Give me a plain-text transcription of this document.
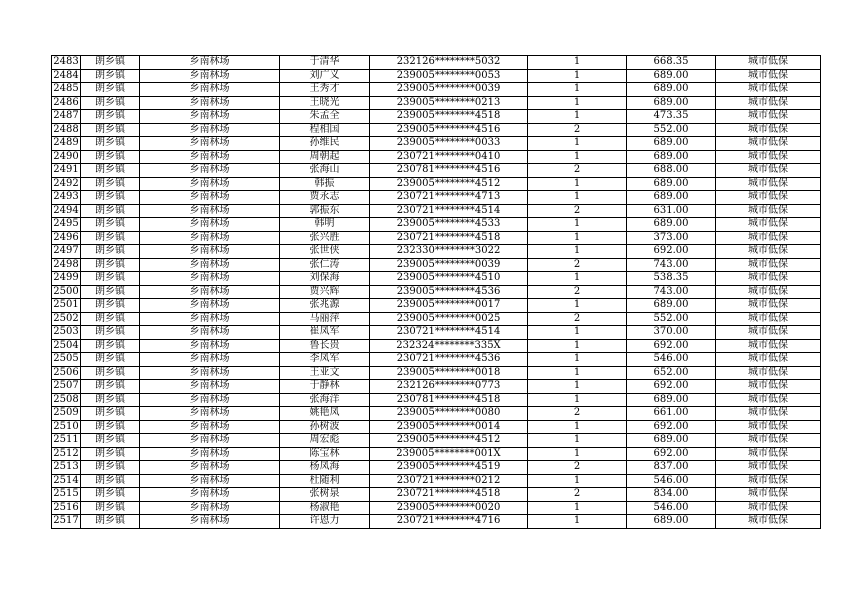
2483	朗乡镇	乡南林场	于清华	232126********5032	1	668.35	城市低保
2484	朗乡镇	乡南林场	刘广义	239005********0053	1	689.00	城市低保
2485	朗乡镇	乡南林场	王秀才	239005********0039	1	689.00	城市低保
2486	朗乡镇	乡南林场	王晓光	239005********0213	1	689.00	城市低保
2487	朗乡镇	乡南林场	朱孟全	239005********4518	1	473.35	城市低保
2488	朗乡镇	乡南林场	程相国	239005********4516	2	552.00	城市低保
2489	朗乡镇	乡南林场	孙维民	239005********0033	1	689.00	城市低保
2490	朗乡镇	乡南林场	周朝起	230721********0410	1	689.00	城市低保
2491	朗乡镇	乡南林场	张海山	230781********4516	2	688.00	城市低保
2492	朗乡镇	乡南林场	韩振	239005********4512	1	689.00	城市低保
2493	朗乡镇	乡南林场	贾永志	230721********4713	1	689.00	城市低保
2494	朗乡镇	乡南林场	郭振东	230721********4514	2	631.00	城市低保
2495	朗乡镇	乡南林场	韩明	239005********4533	1	689.00	城市低保
2496	朗乡镇	乡南林场	张兴胜	230721********4518	1	373.00	城市低保
2497	朗乡镇	乡南林场	张世侠	232330********3022	1	692.00	城市低保
2498	朗乡镇	乡南林场	张仁涛	239005********0039	2	743.00	城市低保
2499	朗乡镇	乡南林场	刘保海	239005********4510	1	538.35	城市低保
2500	朗乡镇	乡南林场	贾兴辉	239005********4536	2	743.00	城市低保
2501	朗乡镇	乡南林场	张兆源	239005********0017	1	689.00	城市低保
2502	朗乡镇	乡南林场	马丽萍	239005********0025	2	552.00	城市低保
2503	朗乡镇	乡南林场	崔凤军	230721********4514	1	370.00	城市低保
2504	朗乡镇	乡南林场	鲁长贵	232324********335X	1	692.00	城市低保
2505	朗乡镇	乡南林场	李凤军	230721********4536	1	546.00	城市低保
2506	朗乡镇	乡南林场	王亚文	239005********0018	1	652.00	城市低保
2507	朗乡镇	乡南林场	于静林	232126********0773	1	692.00	城市低保
2508	朗乡镇	乡南林场	张海洋	230781********4518	1	689.00	城市低保
2509	朗乡镇	乡南林场	姚艳凤	239005********0080	2	661.00	城市低保
2510	朗乡镇	乡南林场	孙树波	239005********0014	1	692.00	城市低保
2511	朗乡镇	乡南林场	周宏彪	239005********4512	1	689.00	城市低保
2512	朗乡镇	乡南林场	陈宝林	239005********001X	1	692.00	城市低保
2513	朗乡镇	乡南林场	杨凤海	239005********4519	2	837.00	城市低保
2514	朗乡镇	乡南林场	杜随利	230721********0212	1	546.00	城市低保
2515	朗乡镇	乡南林场	张树泉	230721********4518	2	834.00	城市低保
2516	朗乡镇	乡南林场	杨淑艳	239005********0020	1	546.00	城市低保
2517	朗乡镇	乡南林场	许恩力	230721********4716	1	689.00	城市低保
